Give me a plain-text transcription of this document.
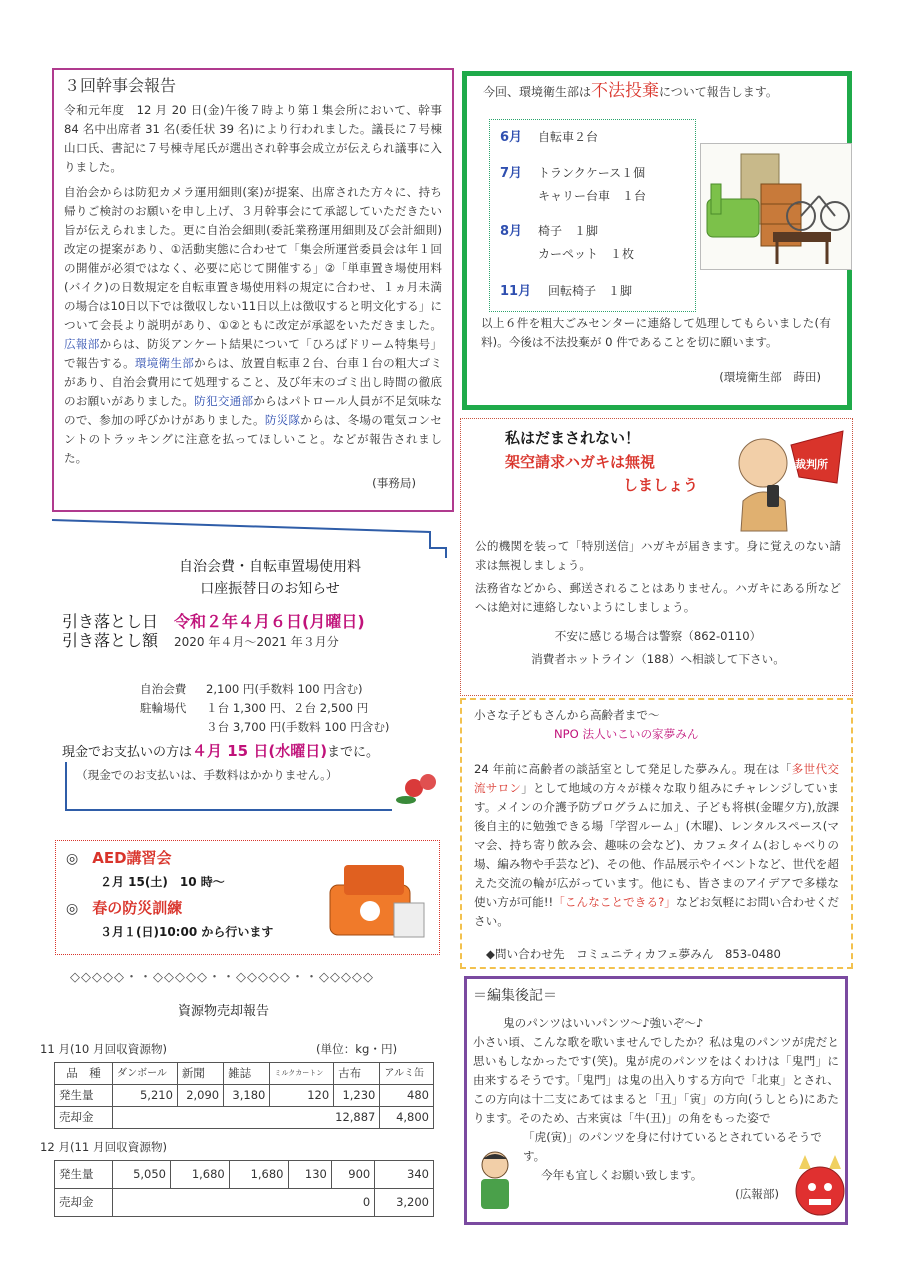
３回幹事会報告
令和元年度　12 月 20 日(金)午後７時より第１集会所において、幹事 84 名中出席者 31 名(委任状 39 名)により行われました。議長に７号棟山口氏、書記に７号棟寺尾氏が選出され幹事会成立が伝えられ議事に入りました。
自治会からは防犯カメラ運用細則(案)が提案、出席された方々に、持ち帰りご検討のお願いを申し上げ、３月幹事会にて承認していただきたい旨が伝えられました。更に自治会細則(委託業務運用細則及び会計細則)改定の提案があり、①活動実態に合わせて「集会所運営委員会は年１回の開催が必須ではなく、必要に応じて開催する」②「単車置き場使用料(バイク)の日数規定を自転車置き場使用料の規定に合わせ、１ヵ月未満の場合は10日以下では徴収しない11日以上は徴収すると明文化する」について会長より説明があり、①②ともに改定が承認をいただきました。広報部からは、防災アンケート結果について「ひろばドリーム特集号」で報告する。環境衛生部からは、放置自転車２台、台車１台の粗大ゴミがあり、自治会費用にて処理すること、及び年末のゴミ出し時間の徹底のお願いがありました。防犯交通部からはパトロール人員が不足気味なので、参加の呼びかけがありました。防災隊からは、冬場の電気コンセントのトラッキングに注意を払ってほしいこと。などが報告されました。
(事務局)
今回、環境衛生部は不法投棄について報告します。
6月 自転車２台
7月 トランクケース１個
キャリー台車　１台
8月 椅子　１脚
カーペット　１枚
11月 回転椅子　１脚
以上６件を粗大ごみセンターに連絡して処理してもらいました(有料)。今後は不法投棄が 0 件であることを切に願います。
(環境衛生部　蒔田)
私はだまされない！
架空請求ハガキは無視
しましょう
裁判所
公的機関を装って「特別送信」ハガキが届きます。身に覚えのない請求は無視しましょう。
法務省などから、郵送されることはありません。ハガキにある所などへは絶対に連絡しないようにしましょう。
不安に感じる場合は警察（862‐0110）
消費者ホットライン（188）へ相談して下さい。
小さな子どもさんから高齢者まで～
NPO 法人いこいの家夢みん
24 年前に高齢者の談話室として発足した夢みん。現在は「多世代交流サロン」として地域の方々が様々な取り組みにチャレンジしています。メインの介護予防プログラムに加え、子ども将棋(金曜夕方),放課後自主的に勉強できる場「学習ルーム」(木曜)、レンタルスペース(ママ会、持ち寄り飲み会、趣味の会など)、カフェタイム(おしゃべりの場、編み物や手芸など)、その他、作品展示やイベントなど、世代を超えた交流の輪が広がっています。他にも、皆さまのアイデアで多様な使い方が可能!!「こんなことできる?」などお気軽にお問い合わせください。
◆問い合わせ先　コミュニティカフェ夢みん　853‐0480
＝編集後記＝
鬼のパンツはいいパンツ～♪強いぞ～♪
小さい頃、こんな歌を歌いませんでしたか？私は鬼のパンツが虎だと思いもしなかったです(笑)。鬼が虎のパンツをはくわけは「鬼門」に由来するそうです。「鬼門」は鬼の出入りする方向で「北東」とされ、この方向は十二支にあてはまると「丑」「寅」の方向(うしとら)にあたります。そのため、古来寅は「牛(丑)」の角をもった姿で
「虎(寅)」のパンツを身に付けているとされているそうです。
今年も宜しくお願い致します。
(広報部)
自治会費・自転車置場使用料
口座振替日のお知らせ
引き落とし日　 令和２年４月６日(月曜日)
引き落とし額　 2020 年４月～2021 年３月分
自治会費 2,100 円(手数料 100 円含む)
駐輪場代 １台 1,300 円、２台 2,500 円
３台 3,700 円(手数料 100 円含む)
現金でお支払いの方は４月 15 日(水曜日)までに。
（現金でのお支払いは、手数料はかかりません。）
◎　AED講習会
２月 15(土)　10 時～
◎　春の防災訓練
３月１(日)10:00 から行います
◇◇◇◇◇・・◇◇◇◇◇・・◇◇◇◇◇・・◇◇◇◇◇
資源物売却報告
11 月(10 月回収資源物)	(単位：kg・円)
品　種	ダンボール	新聞	雑誌	ミルクカートン	古布	アルミ缶
発生量	5,210	2,090	3,180	120	1,230	480
売却金	12,887					4,800
12 月(11 月回収資源物)
発生量	5,050	1,680	1,680	130	900	340
売却金	0					3,200
